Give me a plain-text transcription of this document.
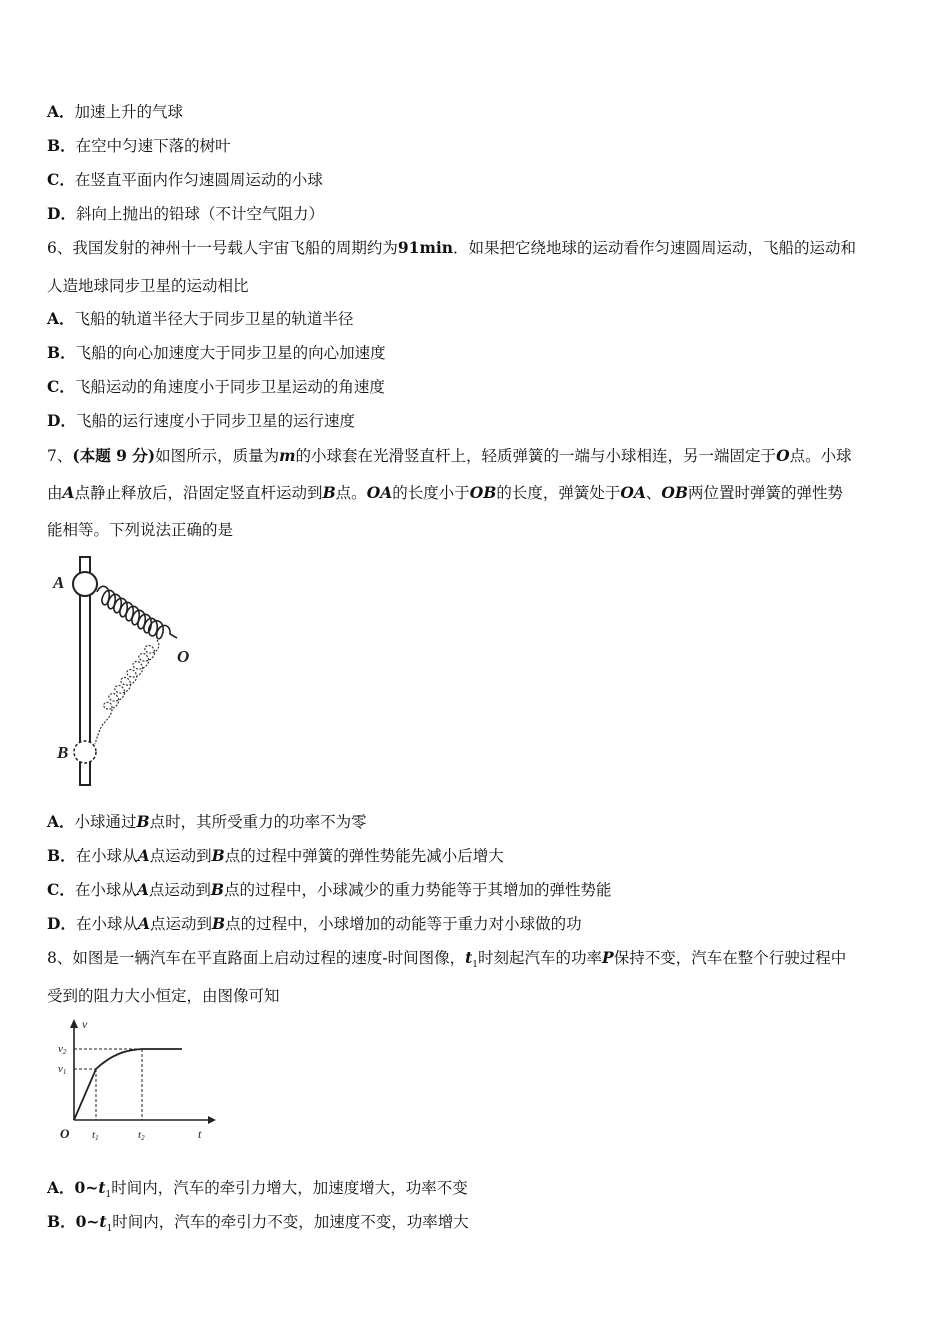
A．加速上升的气球
B．在空中匀速下落的树叶
C．在竖直平面内作匀速圆周运动的小球
D．斜向上抛出的铅球（不计空气阻力）
6、我国发射的神州十一号载人宇宙飞船的周期约为91min．如果把它绕地球的运动看作匀速圆周运动，飞船的运动和
人造地球同步卫星的运动相比
A．飞船的轨道半径大于同步卫星的轨道半径
B．飞船的向心加速度大于同步卫星的向心加速度
C．飞船运动的角速度小于同步卫星运动的角速度
D．飞船的运行速度小于同步卫星的运行速度
7、(本题 9 分)如图所示，质量为m的小球套在光滑竖直杆上，轻质弹簧的一端与小球相连，另一端固定于O点。小球
由A点静止释放后，沿固定竖直杆运动到B点。OA的长度小于OB的长度，弹簧处于OA、OB两位置时弹簧的弹性势
能相等。下列说法正确的是
A
O
B
A．小球通过B点时，其所受重力的功率不为零
B．在小球从A点运动到B点的过程中弹簧的弹性势能先减小后增大
C．在小球从A点运动到B点的过程中，小球减少的重力势能等于其增加的弹性势能
D．在小球从A点运动到B点的过程中，小球增加的动能等于重力对小球做的功
8、如图是一辆汽车在平直路面上启动过程的速度-时间图像，$t_1$时刻起汽车的功率P保持不变，汽车在整个行驶过程中
受到的阻力大小恒定，由图像可知
v
t
O
v2
v1
t1	t2
A．$0\sim t_1$时间内，汽车的牵引力增大，加速度增大，功率不变
B．$0\sim t_1$时间内，汽车的牵引力不变，加速度不变，功率增大
